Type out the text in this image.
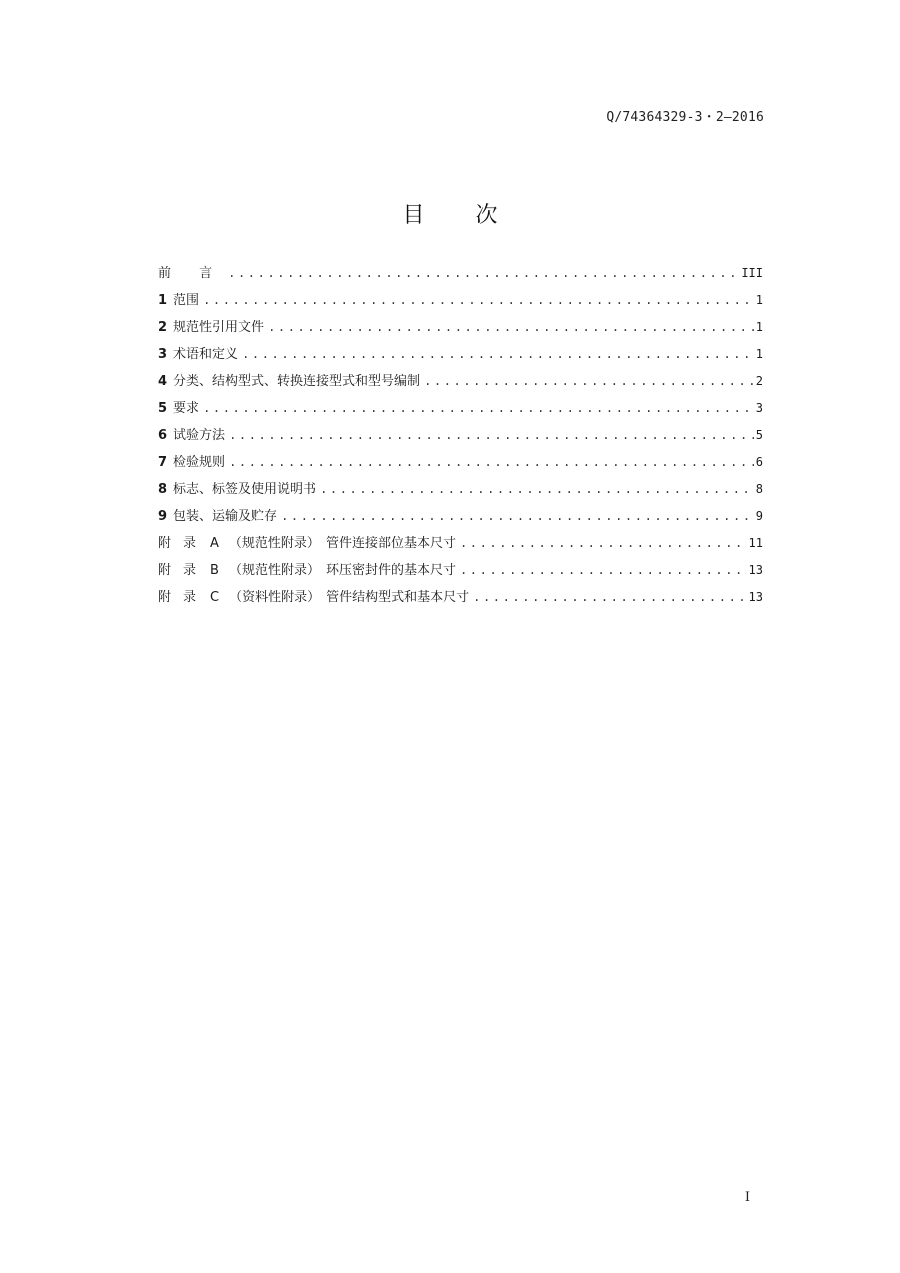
Q/74364329-3・2—2016
目 次
前 言 .....	III
1 范围 .....	1
2 规范性引用文件 .....	1
3 术语和定义 .....	1
4 分类、结构型式、转换连接型式和型号编制 .....	2
5 要求 .....	3
6 试验方法 .....	5
7 检验规则 .....	6
8 标志、标签及使用说明书 .....	8
9 包装、运输及贮存 .....	9
附录 A （规范性附录） 管件连接部位基本尺寸 .....	11
附录 B （规范性附录） 环压密封件的基本尺寸 .....	13
附录 C （资料性附录） 管件结构型式和基本尺寸 .....	13
I
